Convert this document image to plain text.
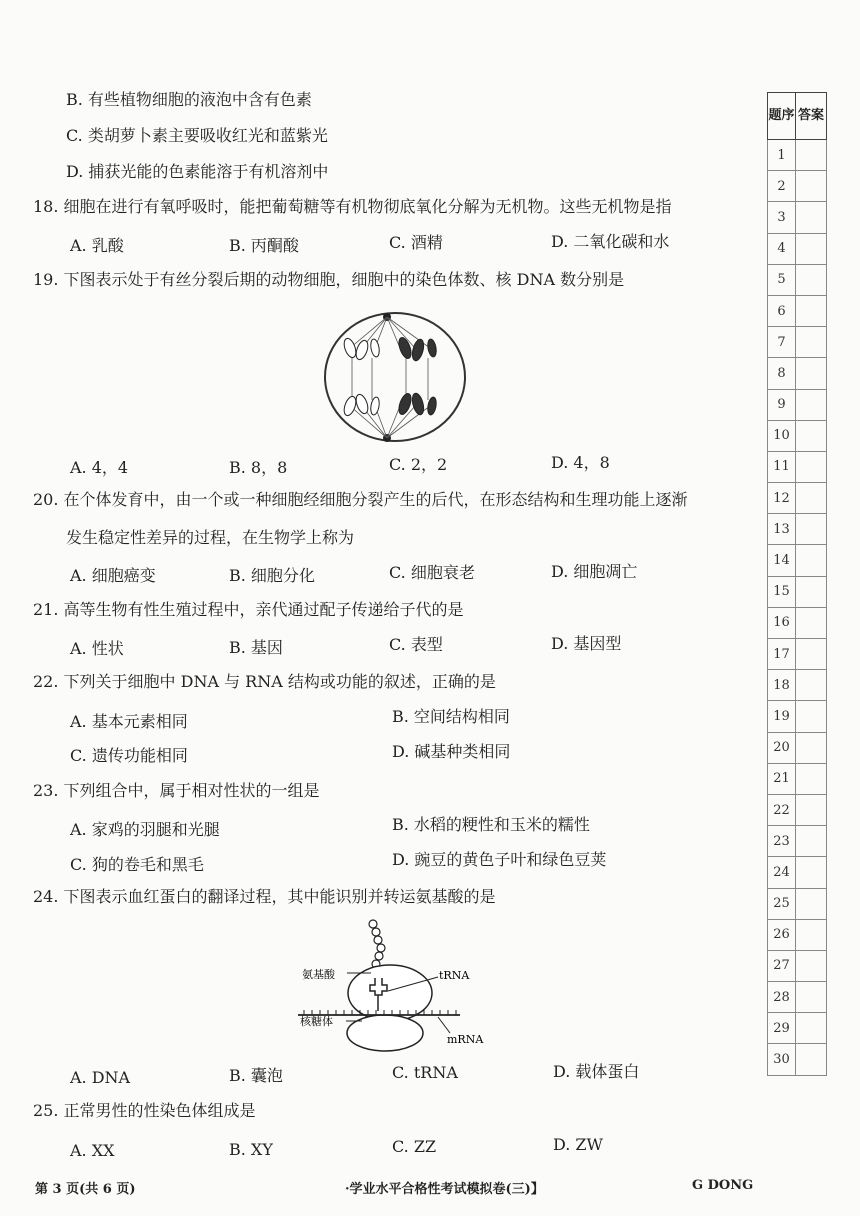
B. 有些植物细胞的液泡中含有色素
C. 类胡萝卜素主要吸收红光和蓝紫光
D. 捕获光能的色素能溶于有机溶剂中
18. 细胞在进行有氧呼吸时，能把葡萄糖等有机物彻底氧化分解为无机物。这些无机物是指
A. 乳酸	B. 丙酮酸	C. 酒精	D. 二氧化碳和水
19. 下图表示处于有丝分裂后期的动物细胞，细胞中的染色体数、核 DNA 数分别是
A. 4，4	B. 8，8	C. 2，2	D. 4，8
20. 在个体发育中，由一个或一种细胞经细胞分裂产生的后代，在形态结构和生理功能上逐渐
发生稳定性差异的过程，在生物学上称为
A. 细胞癌变	B. 细胞分化	C. 细胞衰老	D. 细胞凋亡
21. 高等生物有性生殖过程中，亲代通过配子传递给子代的是
A. 性状	B. 基因	C. 表型	D. 基因型
22. 下列关于细胞中 DNA 与 RNA 结构或功能的叙述，正确的是
A. 基本元素相同	B. 空间结构相同
C. 遗传功能相同	D. 碱基种类相同
23. 下列组合中，属于相对性状的一组是
A. 家鸡的羽腿和光腿	B. 水稻的粳性和玉米的糯性
C. 狗的卷毛和黑毛	D. 豌豆的黄色子叶和绿色豆荚
24. 下图表示血红蛋白的翻译过程，其中能识别并转运氨基酸的是
氨基酸	tRNA
核糖体
mRNA
A. DNA	B. 囊泡	C. tRNA	D. 载体蛋白
25. 正常男性的性染色体组成是
A. XX	B. XY	C. ZZ	D. ZW
题序	答案
1	
2	
3	
4	
5	
6	
7	
8	
9	
10	
11	
12	
13	
14	
15	
16	
17	
18	
19	
20	
21	
22	
23	
24	
25	
26	
27	
28	
29	
30	
第 3 页(共 6 页)	·学业水平合格性考试模拟卷(三)】	G DONG
